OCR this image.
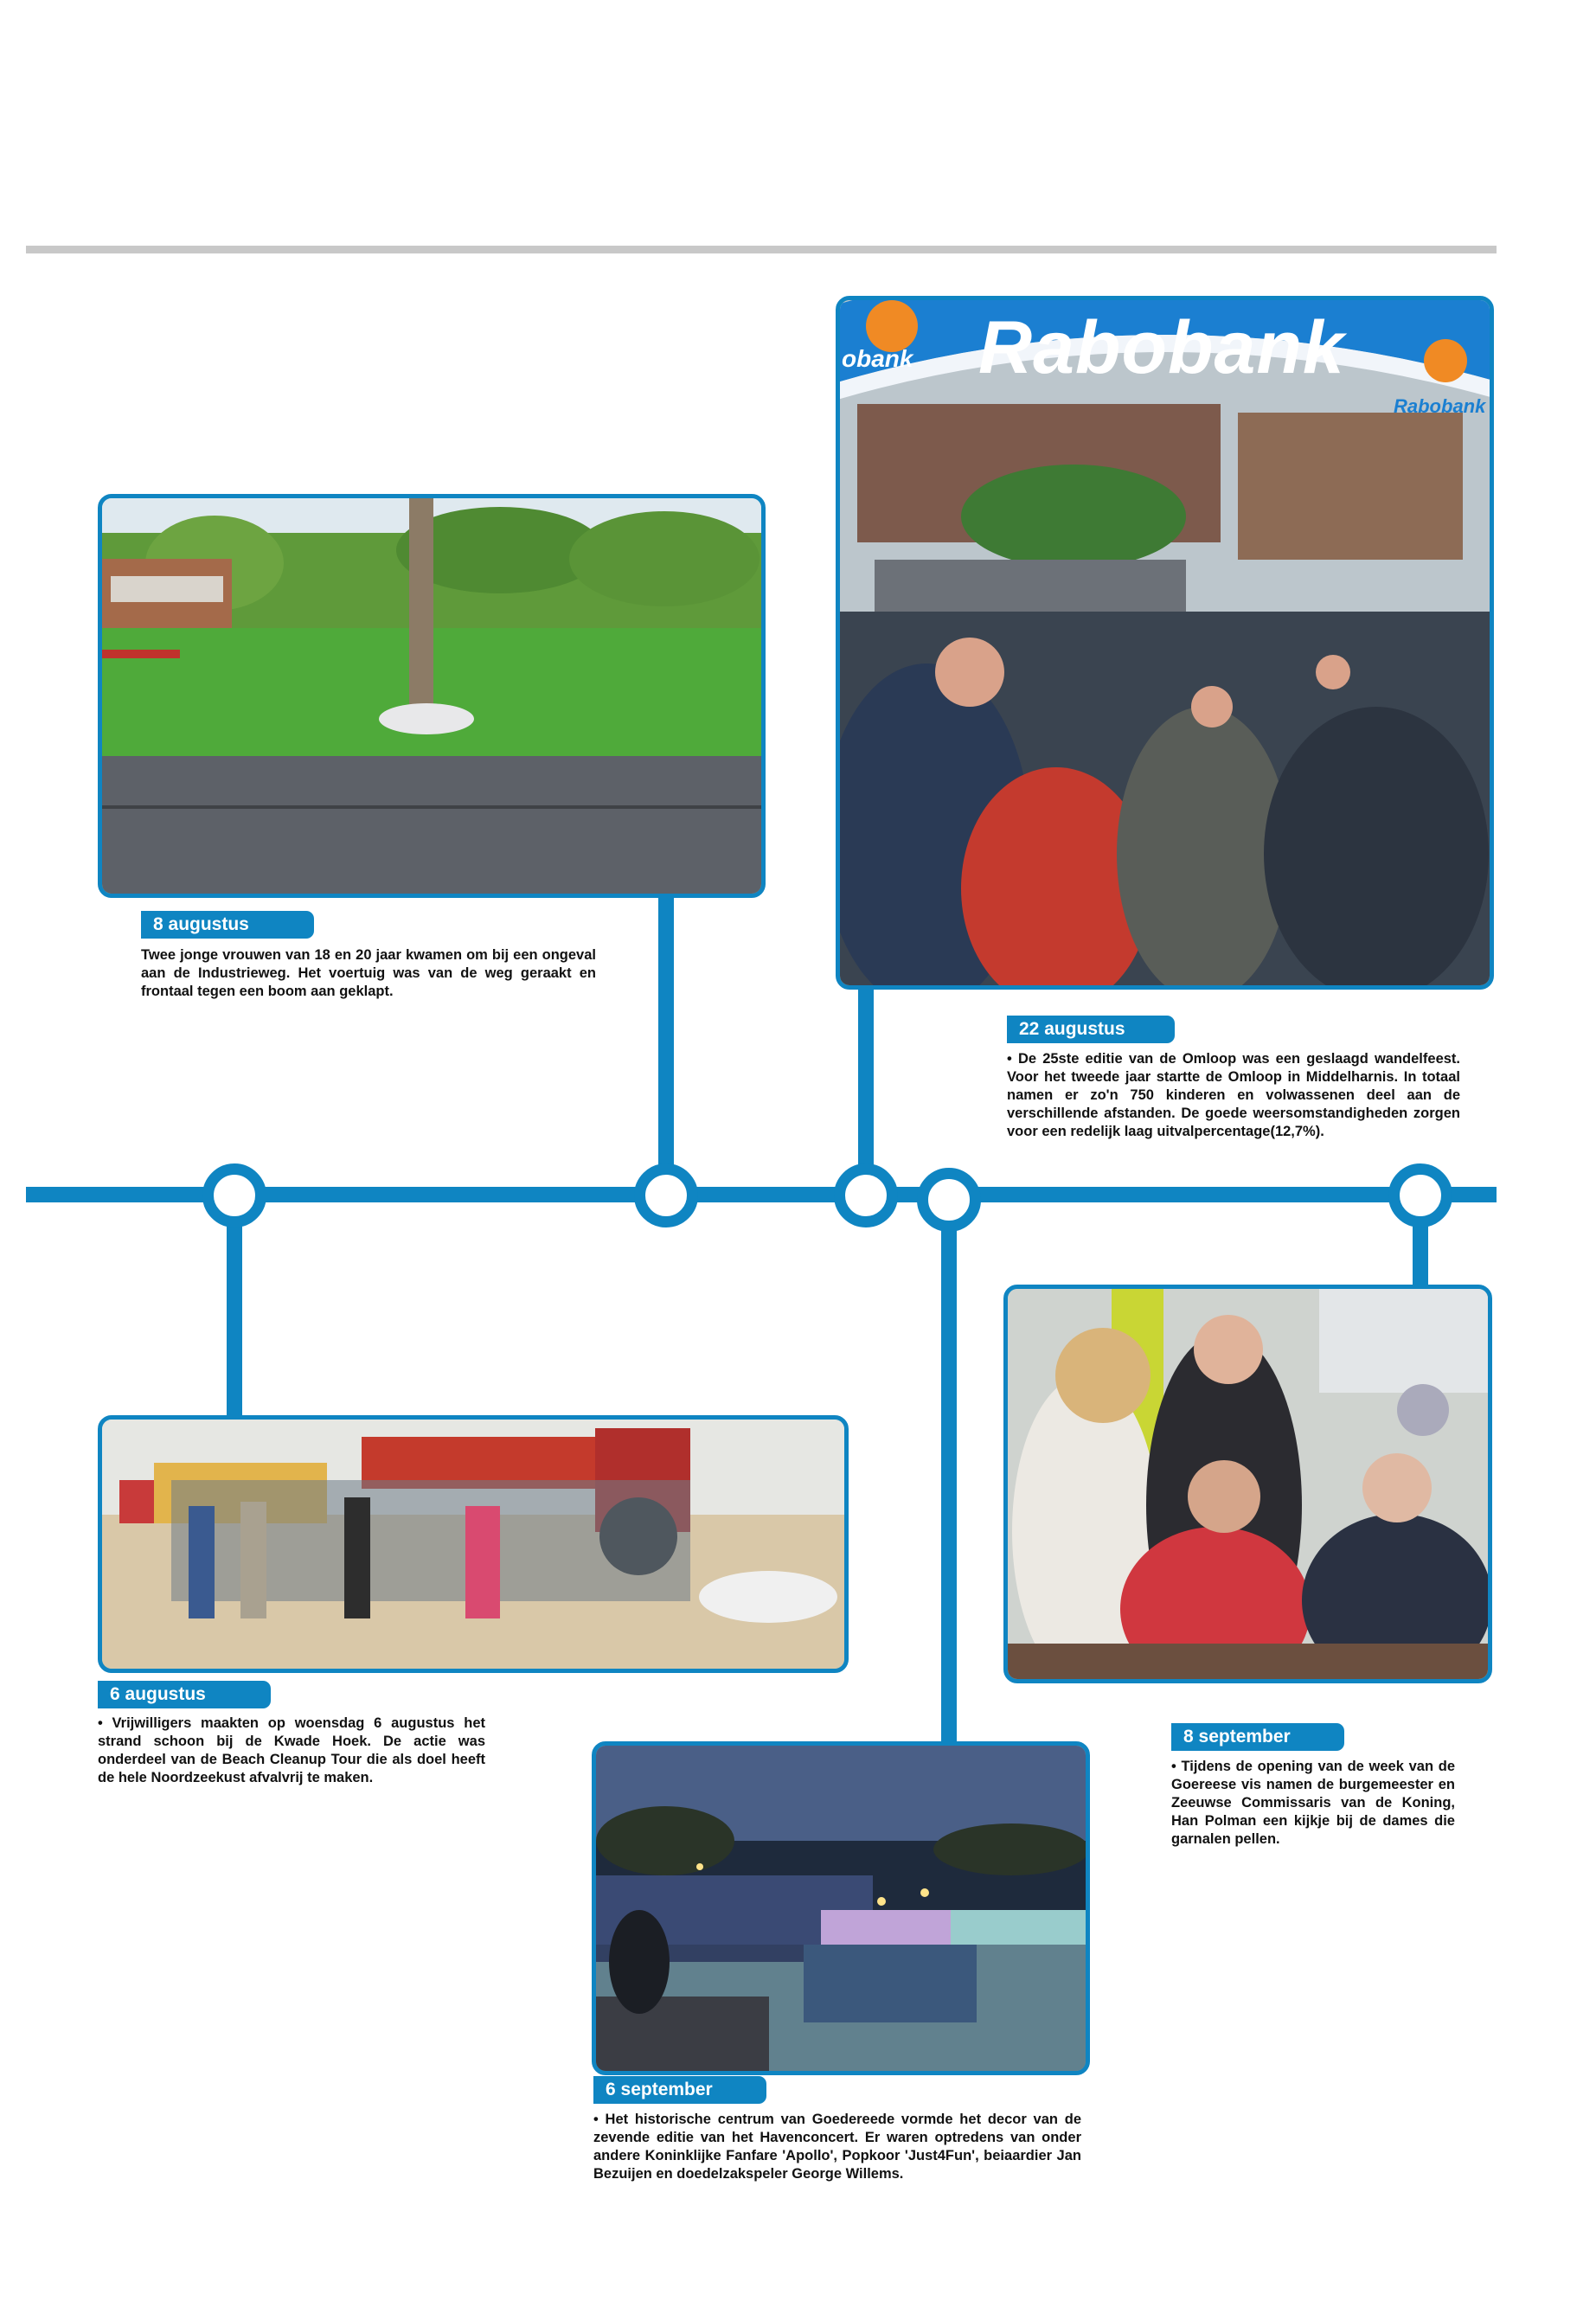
Rabobank
obank
Rabobank
8 augustus

Twee jonge vrouwen van 18 en 20 jaar kwamen om bij een ongeval aan de Industrieweg. Het voertuig was van de weg geraakt en frontaal tegen een boom aan geklapt.

22 augustus

• De 25ste editie van de Omloop was een geslaagd wandelfeest. Voor het tweede jaar startte de Omloop in Middelharnis. In totaal namen er zo'n 750 kinderen en volwassenen deel aan de verschillende afstanden. De goede weersomstandigheden zorgen voor een redelijk laag uitvalpercentage(12,7%).

6 augustus

• Vrijwilligers maakten op woensdag 6 augustus het strand schoon bij de Kwade Hoek. De actie was onderdeel van de Beach Cleanup Tour die als doel heeft de hele Noordzeekust afvalvrij te maken.

6 september

• Het historische centrum van Goedereede vormde het decor van de zevende editie van het Havenconcert. Er waren optredens van onder andere Koninklijke Fanfare 'Apollo', Popkoor 'Just4Fun', beiaardier Jan Bezuijen en doedelzakspeler George Willems.

8 september

• Tijdens de opening van de week van de Goereese vis namen de burgemeester en Zeeuwse Commissaris van de Koning, Han Polman een kijkje bij de dames die garnalen pellen.
